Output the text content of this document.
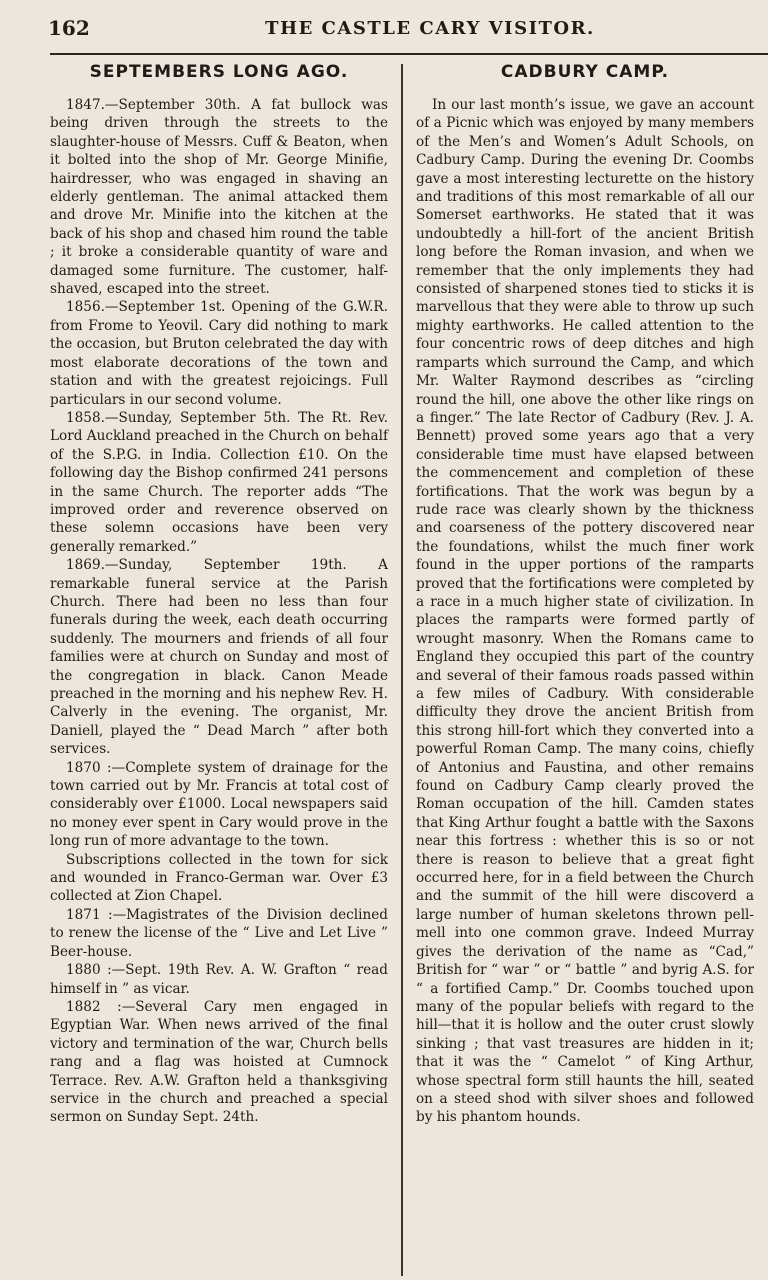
162	THE CASTLE CARY VISITOR.
SEPTEMBERS LONG AGO.

1847.—September 30th. A fat bullock was being driven through the streets to the slaughter-house of Messrs. Cuff & Beaton, when it bolted into the shop of Mr. George Minifie, hairdresser, who was engaged in shaving an elderly gentleman. The animal attacked them and drove Mr. Minifie into the kitchen at the back of his shop and chased him round the table ; it broke a considerable quantity of ware and damaged some furniture. The customer, half-shaved, escaped into the street.

1856.—September 1st. Opening of the G.W.R. from Frome to Yeovil. Cary did nothing to mark the occasion, but Bruton celebrated the day with most elaborate decorations of the town and station and with the greatest rejoicings. Full particulars in our second volume.

1858.—Sunday, September 5th. The Rt. Rev. Lord Auckland preached in the Church on behalf of the S.P.G. in India. Collection £10. On the following day the Bishop confirmed 241 persons in the same Church. The reporter adds “The improved order and reverence observed on these solemn occasions have been very generally remarked.”

1869.—Sunday, September 19th. A remarkable funeral service at the Parish Church. There had been no less than four funerals during the week, each death occurring suddenly. The mourners and friends of all four families were at church on Sunday and most of the congregation in black. Canon Meade preached in the morning and his nephew Rev. H. Calverly in the evening. The organist, Mr. Daniell, played the “ Dead March ” after both services.

1870 :—Complete system of drainage for the town carried out by Mr. Francis at total cost of considerably over £1000. Local newspapers said no money ever spent in Cary would prove in the long run of more advantage to the town.

Subscriptions collected in the town for sick and wounded in Franco-German war. Over £3 collected at Zion Chapel.

1871 :—Magistrates of the Division declined to renew the license of the “ Live and Let Live ” Beer-house.

1880 :—Sept. 19th Rev. A. W. Grafton “ read himself in ” as vicar.

1882 :—Several Cary men engaged in Egyptian War. When news arrived of the final victory and termination of the war, Church bells rang and a flag was hoisted at Cumnock Terrace. Rev. A.W. Grafton held a thanksgiving service in the church and preached a special sermon on Sunday Sept. 24th.

CADBURY CAMP.

In our last month’s issue, we gave an account of a Picnic which was enjoyed by many members of the Men’s and Women’s Adult Schools, on Cadbury Camp. During the evening Dr. Coombs gave a most interesting lecturette on the history and traditions of this most remarkable of all our Somerset earthworks. He stated that it was undoubtedly a hill-fort of the ancient British long before the Roman invasion, and when we remember that the only implements they had consisted of sharpened stones tied to sticks it is marvellous that they were able to throw up such mighty earthworks. He called attention to the four concentric rows of deep ditches and high ramparts which surround the Camp, and which Mr. Walter Raymond describes as “circling round the hill, one above the other like rings on a finger.” The late Rector of Cadbury (Rev. J. A. Bennett) proved some years ago that a very considerable time must have elapsed between the commencement and completion of these fortifications. That the work was begun by a rude race was clearly shown by the thickness and coarseness of the pottery discovered near the foundations, whilst the much finer work found in the upper portions of the ramparts proved that the fortifications were completed by a race in a much higher state of civilization. In places the ramparts were formed partly of wrought masonry. When the Romans came to England they occupied this part of the country and several of their famous roads passed within a few miles of Cadbury. With considerable difficulty they drove the ancient British from this strong hill-fort which they converted into a powerful Roman Camp. The many coins, chiefly of Antonius and Faustina, and other remains found on Cadbury Camp clearly proved the Roman occupation of the hill. Camden states that King Arthur fought a battle with the Saxons near this fortress : whether this is so or not there is reason to believe that a great fight occurred here, for in a field between the Church and the summit of the hill were discoverd a large number of human skeletons thrown pell-mell into one common grave. Indeed Murray gives the derivation of the name as “Cad,” British for “ war ” or “ battle ” and byrig A.S. for “ a fortified Camp.” Dr. Coombs touched upon many of the popular beliefs with regard to the hill—that it is hollow and the outer crust slowly sinking ; that vast treasures are hidden in it; that it was the “ Camelot ” of King Arthur, whose spectral form still haunts the hill, seated on a steed shod with silver shoes and followed by his phantom hounds.
